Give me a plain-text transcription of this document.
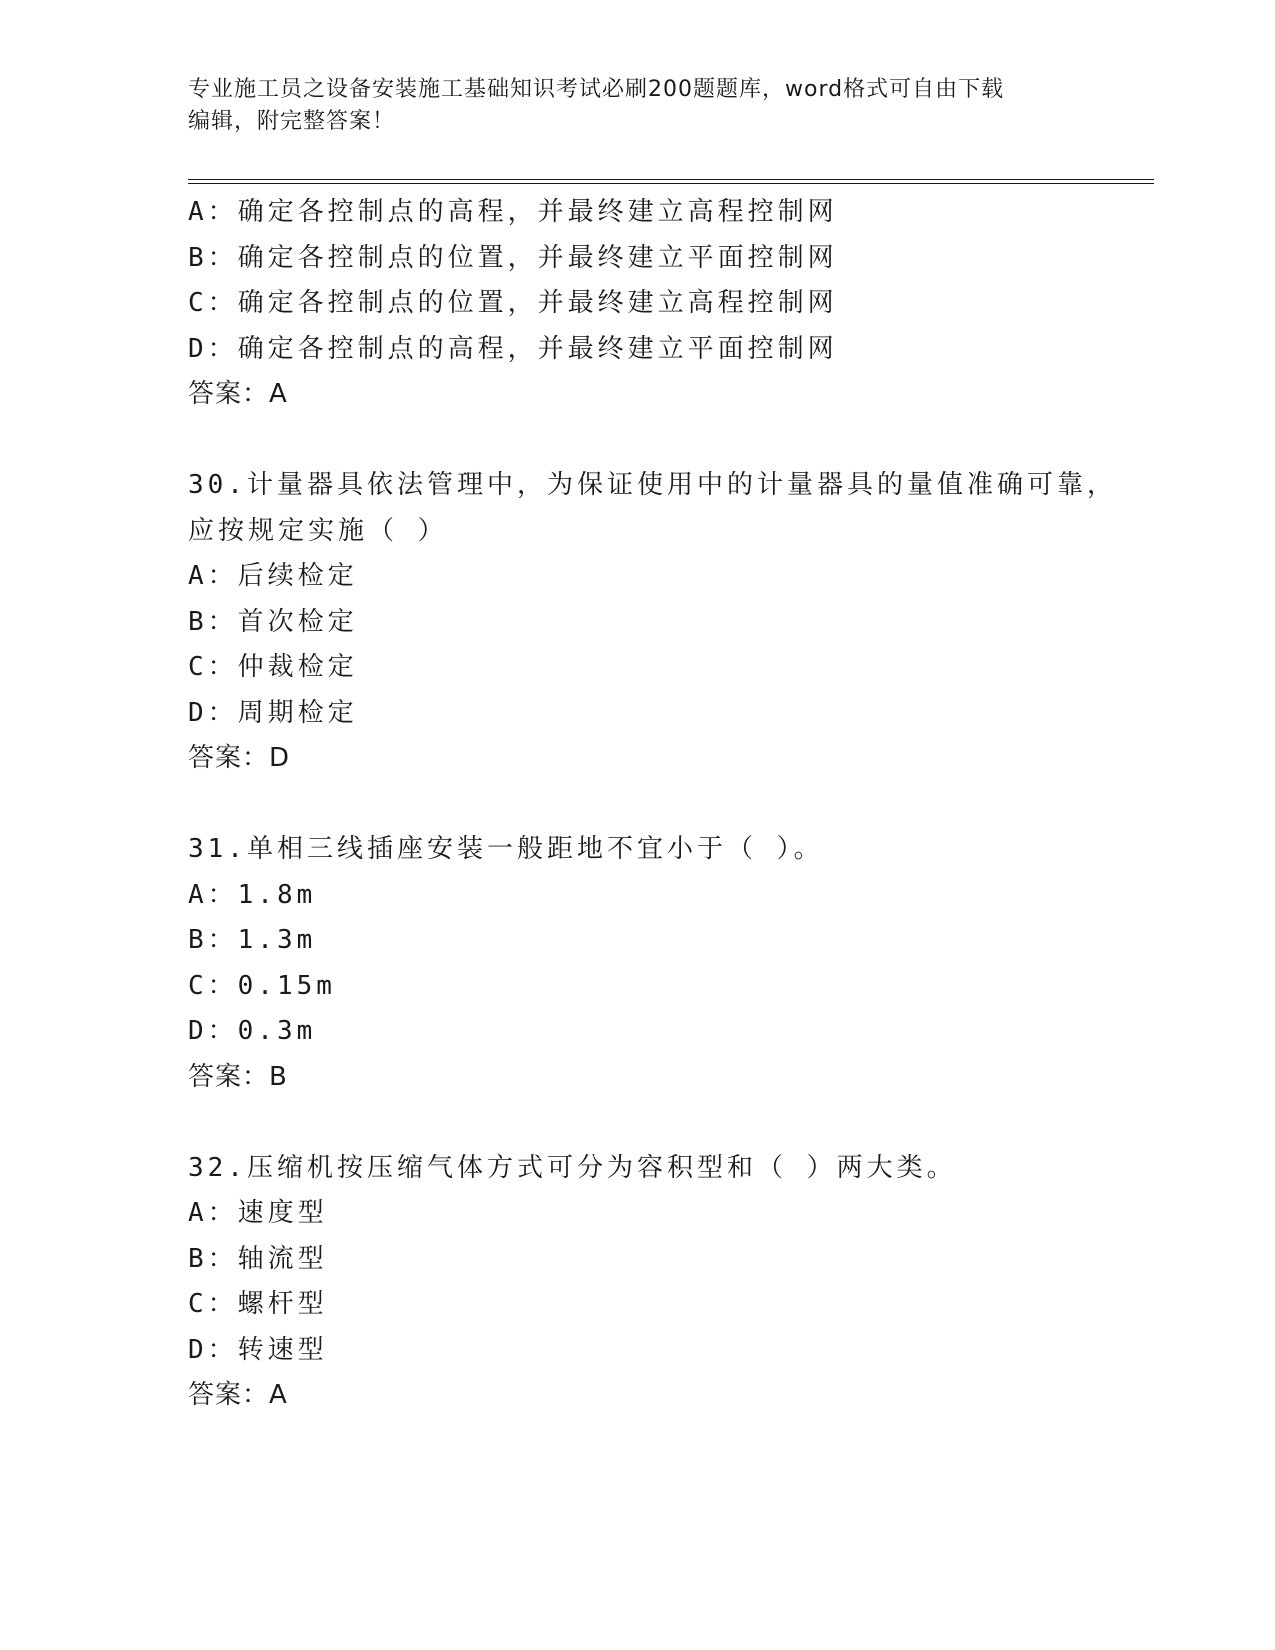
专业施工员之设备安装施工基础知识考试必刷200题题库，word格式可自由下载
编辑，附完整答案！
A：确定各控制点的高程，并最终建立高程控制网
B：确定各控制点的位置，并最终建立平面控制网
C：确定各控制点的位置，并最终建立高程控制网
D：确定各控制点的高程，并最终建立平面控制网
答案：A
30.计量器具依法管理中，为保证使用中的计量器具的量值准确可靠，
应按规定实施（ ）
A：后续检定
B：首次检定
C：仲裁检定
D：周期检定
答案：D
31.单相三线插座安装一般距地不宜小于（ ）。
A：1.8m
B：1.3m
C：0.15m
D：0.3m
答案：B
32.压缩机按压缩气体方式可分为容积型和（ ）两大类。
A：速度型
B：轴流型
C：螺杆型
D：转速型
答案：A
